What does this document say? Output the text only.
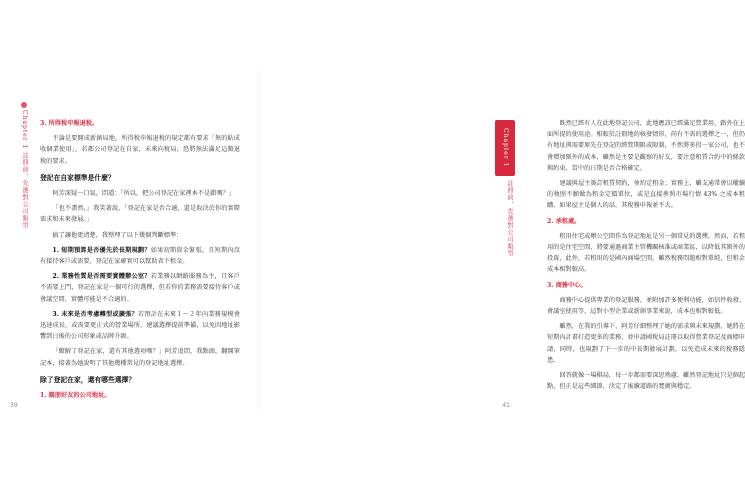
Chapter 1 註冊前，先選對公司類型 3. 所得稅申報退稅。

不論是要開成新創局地，所得稅申報退稅的規定都有要求「無的貼成收個業使用」，若都公司登記在自家，未來向稅局，恐將無法滿足這類退稅的要求。

登記在自家標準是什麼？

阿芳深疑一口氣，問道：「所以，把公司登記在家裡本不是錯嗎？」

「也不盡然，」我笑著說，「登記在家是否合適，還是取決於你的實際需求和未來發展。」

搞了讓他更清楚，我整理了以下幾個判斷標準：

1. 短期預算是否優先於長期規劃？如果初期資金緊張，且短期內沒有接待客戶或需要，登記在家確實可以幫助省下租金。

2. 業務性質是否需要實體辦公室？若業務以網路服務為主，且客戶不需要上門，登記在家是一個可行的選擇，但若你的業務需要接待客戶或會議空間，實體可能是不合適的。

3. 未來是否考慮轉型或擴張？若預計在未來１～２年內業務規模會迅速成長，或需要更正式的營業場所，建議選擇提前準備，以免因地址影響到日後的公司形象或品牌升級。

「瞭解了登記在家，還有其他選項嗎？」阿芳追問，我點頭，翻開筆記本，接著為她說明了其他幾種常見的登記地址選擇。

除了登記在家，還有哪些選擇？

1. 親朋好友的公司地址。

39
Chapter 1
註冊前，先選對公司類型

既然已經有人在此地登記公司，此地應該已經滿足營業用，路外在上面所提的使用途。相較於註冊地的核發情形，尚有不需的選擇之一，但仍有地址與需要原先在登記的經營期限或限制，不然將多投一家公司，也不會增加額外的成本，雖然是主要是觀察的好友，要注意租賃合約中的條款與約束，當中的日期是否合格確定。

建議與屋主簽訂租賃契約，並約定租金；實務上，雖支通常會以權續的執照不願做為租金定價單位，或是直接參照市場行情 43% 之成本租購，如果屋主是個人的話，其稅務申報並不大。

2. 承租處。

租用住宅或辦公空間作為登記地址是另一個常見的選擇，然而，若租用的是住宅空間，將要通過商業主管機關核准或商業區，以降低其額外的投資，此外，若租用的是國內商場空間，雖然稅務問題相對單純，但租金成本相對較高。

3. 商務中心。

商務中心提供專業的登記服務，並附加許多便利功能，如信件收發、會議室使用等，這對小型企業或新創事業來說，成本也相對較低。

雖然，在我的引導下，阿芳仔細整理了她的需求與未來規劃，她將在短期內計畫打造更多的業務，並申請國稅局註冊以取得營業登記及商標申請，同時，也規劃了下一步的中長期發展計劃，以免造成未來的稅務隱患。

回答就像一場棋局，每一步都需要深思熟慮，雖然登記地址只是個起點，但正是這些細節，決定了後續道路的寬廣與穩定。

41
